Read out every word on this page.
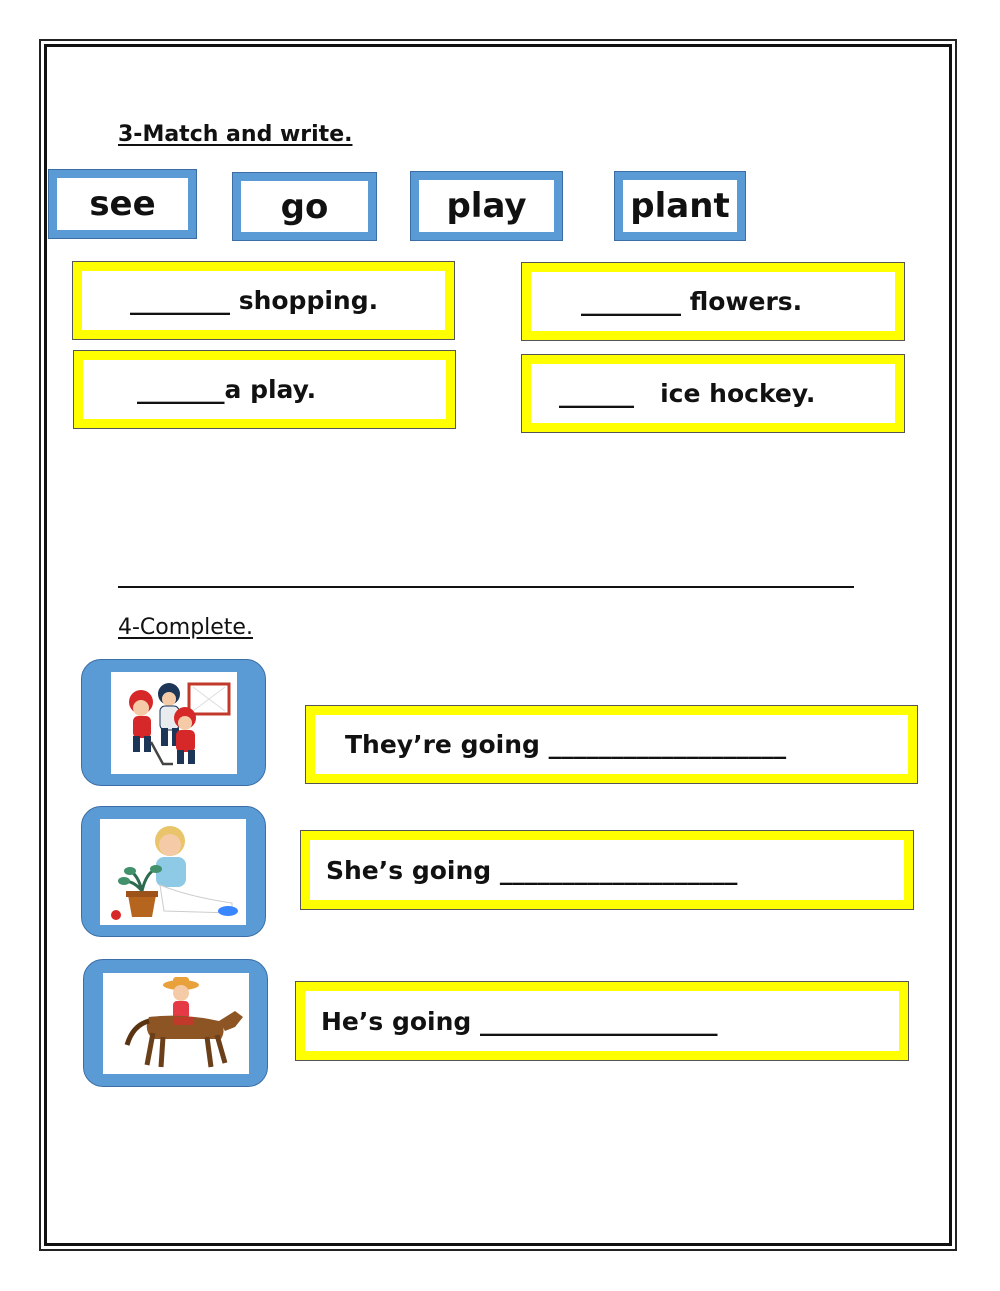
3-Match and write.
see	go	play	plant
________ shopping.	________ flowers.
_______a play.	______   ice hockey.
4-Complete.
They’re going ___________________
She’s going ___________________
He’s going ___________________
